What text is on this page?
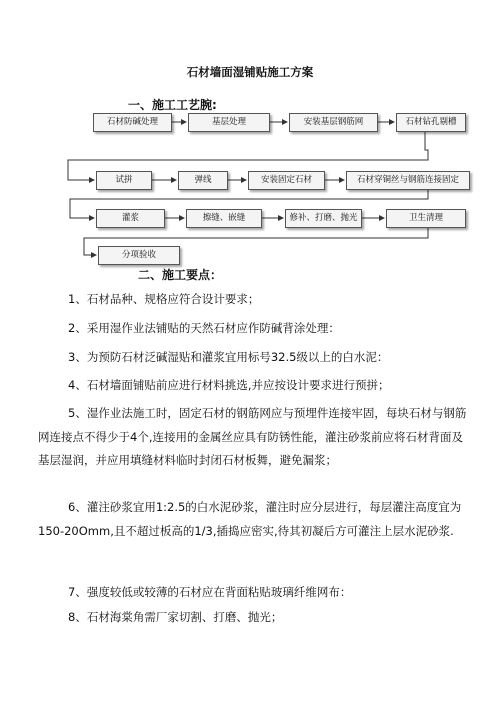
石材墙面湿铺贴施工方案
一、施工工艺腕:
石材防碱处理	基层处理	安装基层钢筋网	石材钻孔剔槽
试拼	弹线	安装固定石材	石材穿铜丝与钢筋连接固定
灌浆	擦缝、嵌缝	修补、打磨、抛光	卫生清理
分项验收
二、施工要点：
1、石材品种、规格应符合设计要求；
2、采用湿作业法铺贴的天然石材应作防碱背涂处理：
3、为预防石材泛碱湿贴和灌浆宜用标号32.5级以上的白水泥：
4、石材墙面铺贴前应进行材料挑选,并应按设计要求进行预拼；
5、湿作业法施工时，固定石材的钢筋网应与预埋件连接牢固，每块石材与钢筋网连接点不得少于4个,连接用的金属丝应具有防锈性能，灌注砂浆前应将石材背面及基层湿润，并应用填缝材料临时封闭石材板舞，避免漏浆；
6、灌注砂浆宜用1:2.5的白水泥砂浆，灌注时应分层进行，每层灌注高度宜为150-20Omm,且不超过板高的1/3,插捣应密实,待其初凝后方可灌注上层水泥砂浆.
7、强度较低或较薄的石材应在背面粘贴玻璃纤维网布：
8、石材海棠角需厂家切割、打磨、抛光；
